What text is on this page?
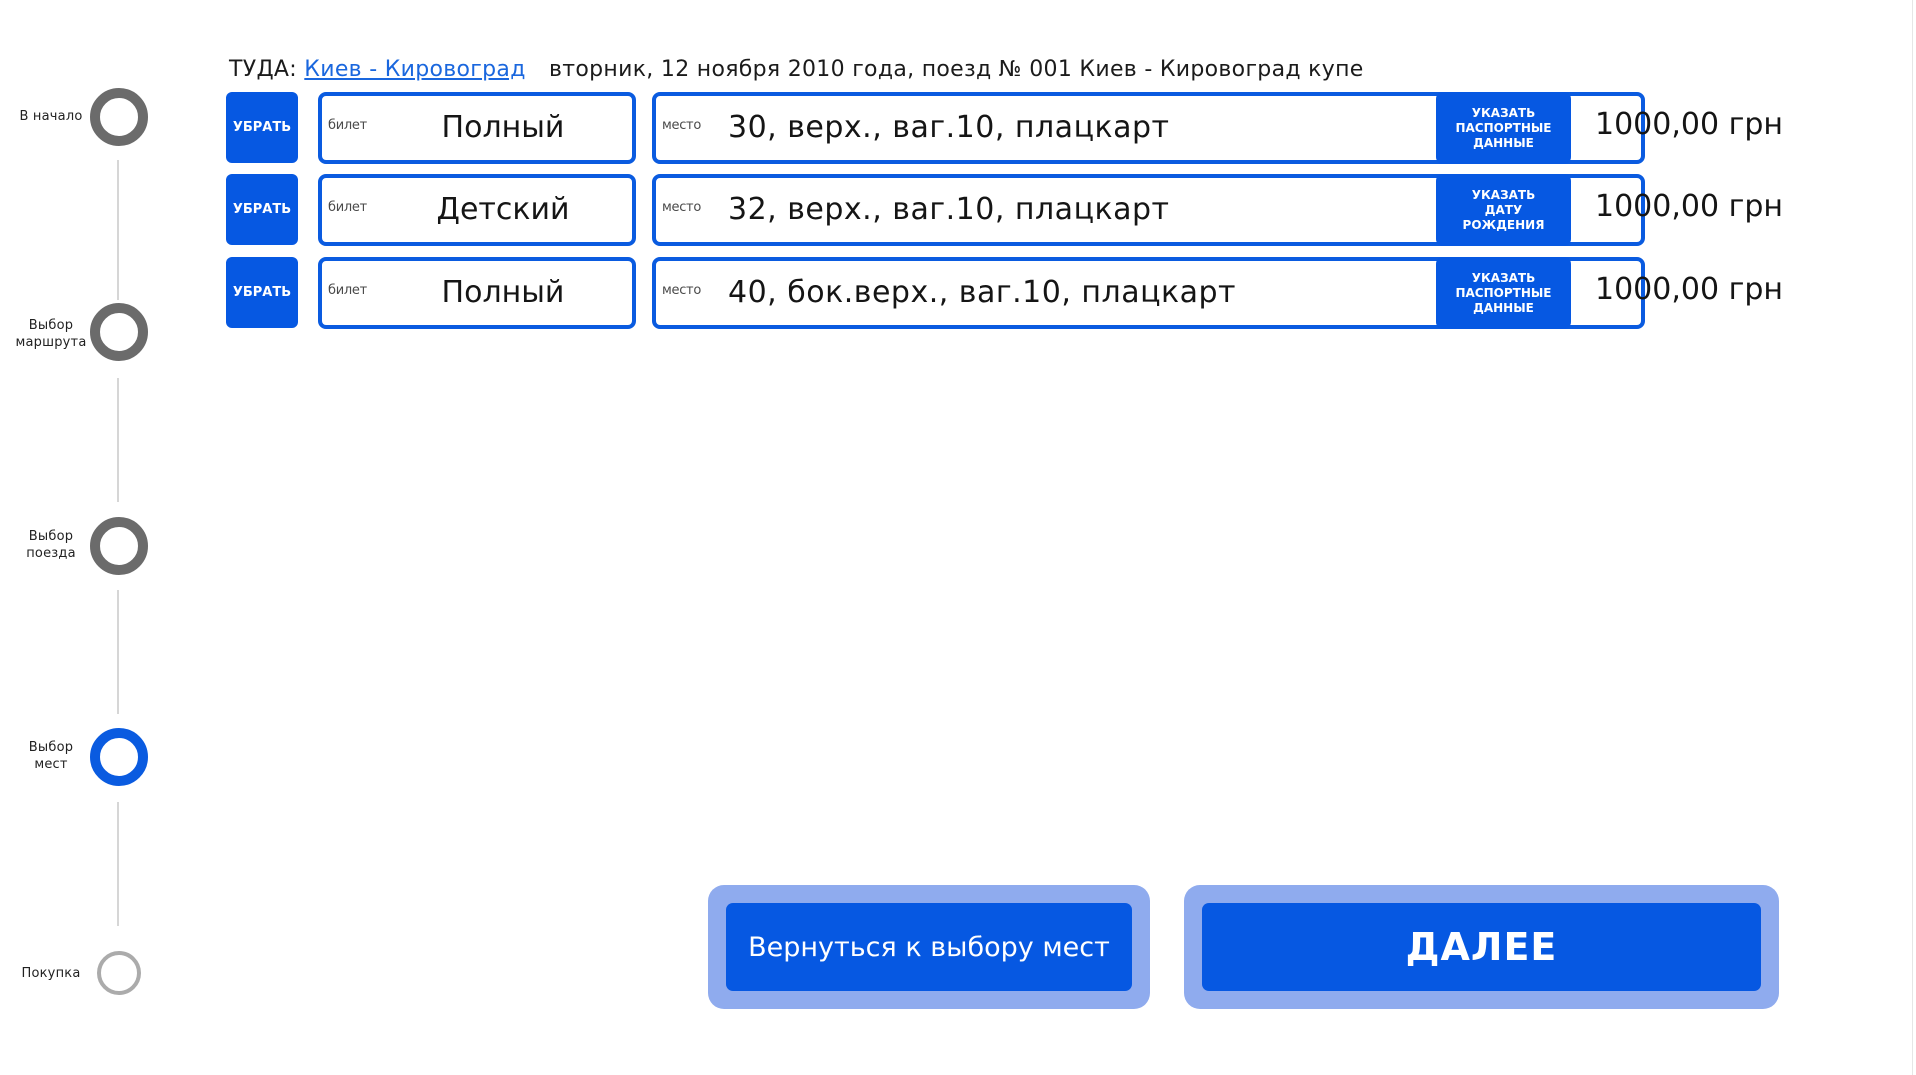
В начало
Выбор
маршрута
Выбор
поезда
Выбор
мест
Покупка
ТУДА: Киев - Кировоград вторник, 12 ноября 2010 года, поезд № 001 Киев - Кировоград купе
УБРАТЬ	билет	Полный	место 30, верх., ваг.10, плацкарт	УКАЗАТЬ
ПАСПОРТНЫЕ
ДАННЫЕ
1000,00 грн
УБРАТЬ	билет	Детский	место 32, верх., ваг.10, плацкарт	УКАЗАТЬ
ДАТУ
РОЖДЕНИЯ
1000,00 грн
УБРАТЬ	билет	Полный	место 40, бок.верх., ваг.10, плацкарт	УКАЗАТЬ
ПАСПОРТНЫЕ
ДАННЫЕ
1000,00 грн
Вернуться к выбору мест	ДАЛЕЕ
